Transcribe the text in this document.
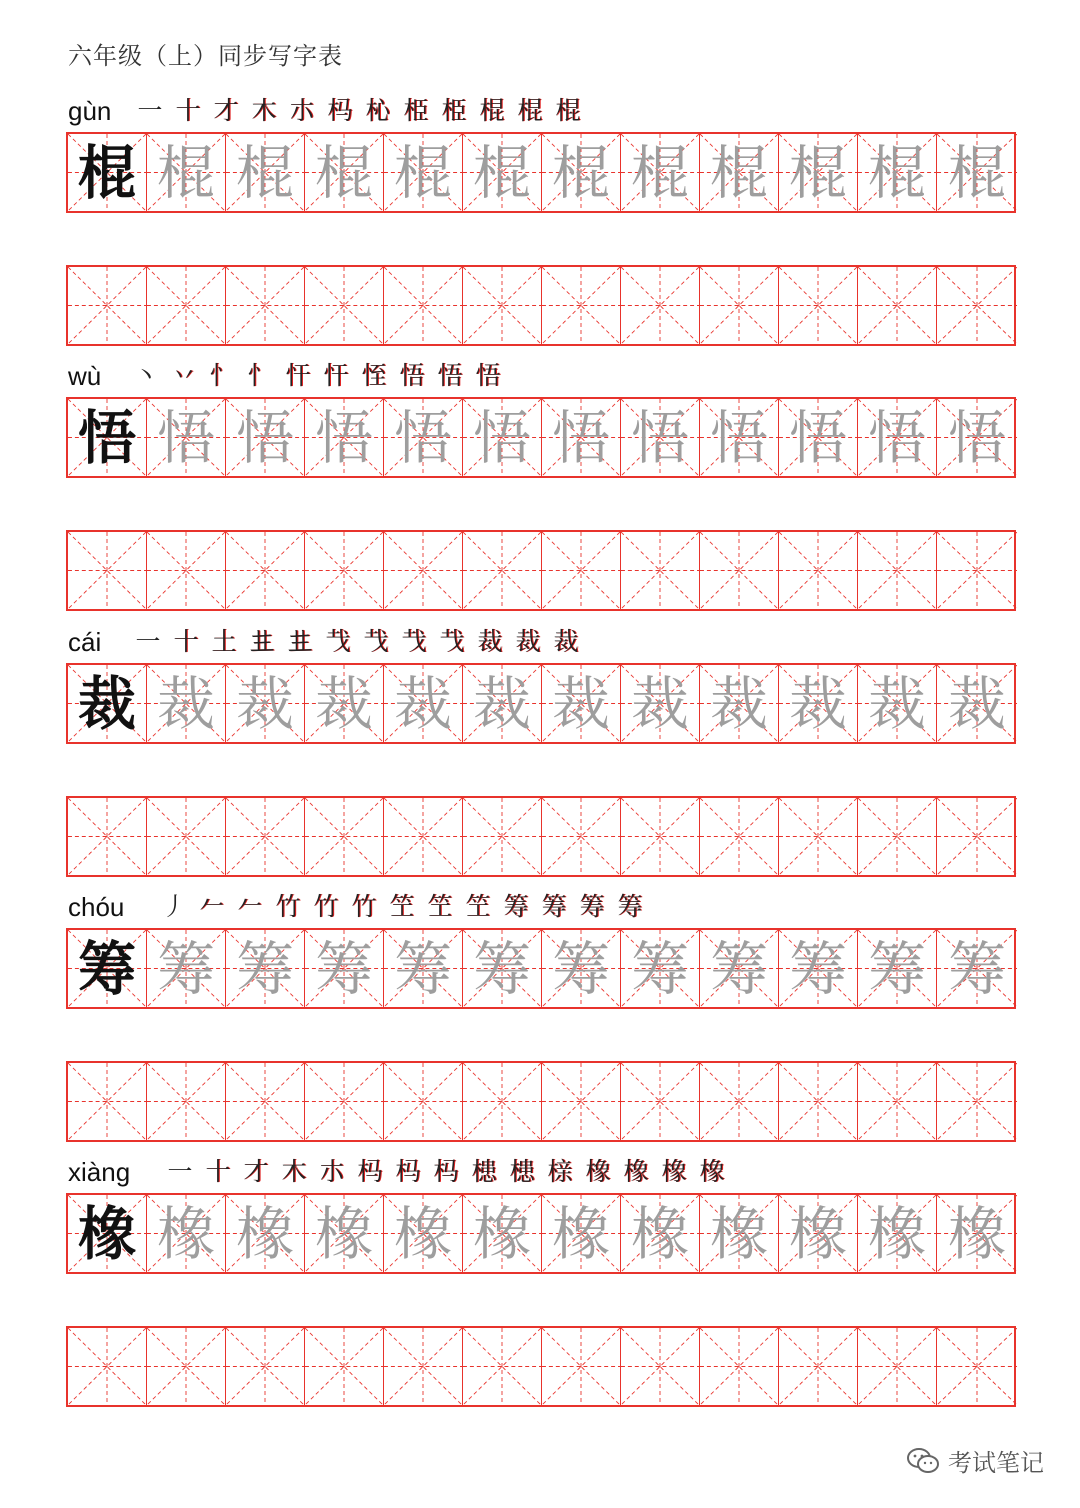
六年级（上）同步写字表
gùn 一 十 才 木 朩 杩 杺 栕 栕 棍 棍 棍
棍 棍 棍 棍 棍 棍 棍 棍 棍 棍 棍 棍
wù 丶 丷 忄 忄 忓 忓 恎 悟 悟 悟
悟 悟 悟 悟 悟 悟 悟 悟 悟 悟 悟 悟
cái 一 十 土 𠀎 𠀎 𢦏 𢦏 𢦏 𢦏 裁 裁 裁
裁 裁 裁 裁 裁 裁 裁 裁 裁 裁 裁 裁
chóu 丿 𠂉 𠂉 竹 竹 竹 笁 笁 笁 筹 筹 筹 筹
筹 筹 筹 筹 筹 筹 筹 筹 筹 筹 筹 筹
xiàng 一 十 才 木 朩 杩 杩 杩 槵 槵 榇 橡 橡 橡 橡
橡 橡 橡 橡 橡 橡 橡 橡 橡 橡 橡 橡
考试笔记
